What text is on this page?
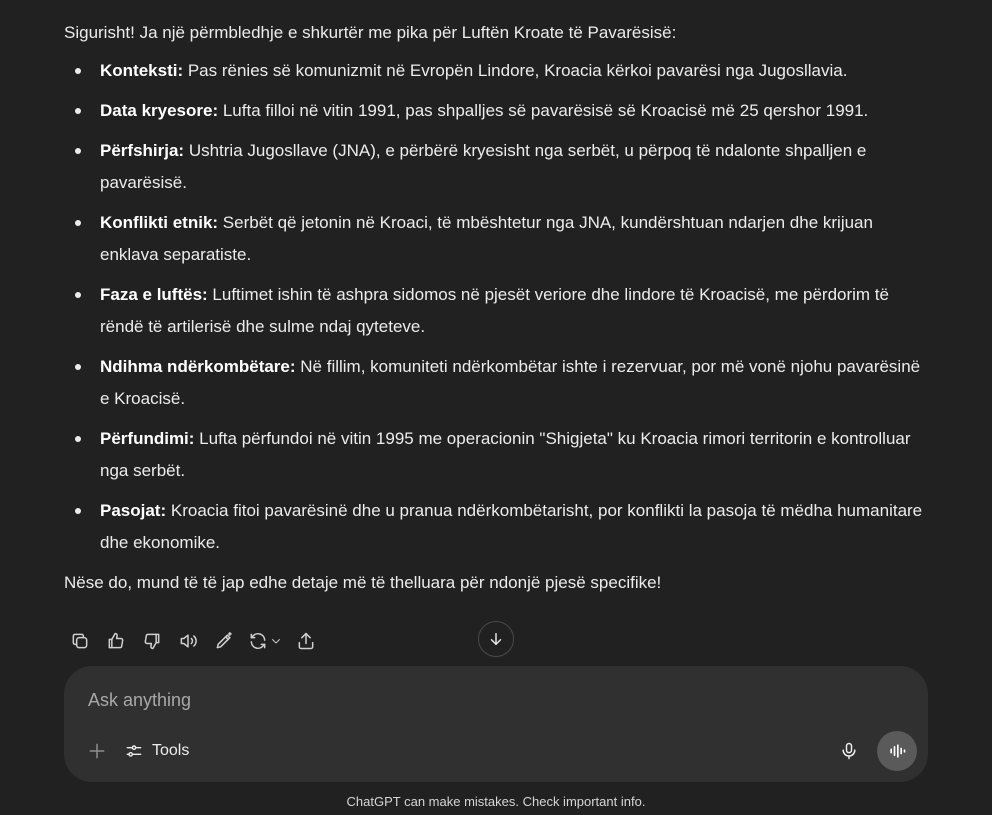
Sigurisht! Ja një përmbledhje e shkurtër me pika për Luftën Kroate të Pavarësisë:

Konteksti: Pas rënies së komunizmit në Evropën Lindore, Kroacia kërkoi pavarësi nga Jugosllavia.
Data kryesore: Lufta filloi në vitin 1991, pas shpalljes së pavarësisë së Kroacisë më 25 qershor 1991.
Përfshirja: Ushtria Jugosllave (JNA), e përbërë kryesisht nga serbët, u përpoq të ndalonte shpalljen e pavarësisë.
Konflikti etnik: Serbët që jetonin në Kroaci, të mbështetur nga JNA, kundërshtuan ndarjen dhe krijuan enklava separatiste.
Faza e luftës: Luftimet ishin të ashpra sidomos në pjesët veriore dhe lindore të Kroacisë, me përdorim të rëndë të artilerisë dhe sulme ndaj qyteteve.
Ndihma ndërkombëtare: Në fillim, komuniteti ndërkombëtar ishte i rezervuar, por më vonë njohu pavarësinë e Kroacisë.
Përfundimi: Lufta përfundoi në vitin 1995 me operacionin "Shigjeta" ku Kroacia rimori territorin e kontrolluar nga serbët.
Pasojat: Kroacia fitoi pavarësinë dhe u pranua ndërkombëtarisht, por konflikti la pasoja të mëdha humanitare dhe ekonomike.

Nëse do, mund të të jap edhe detaje më të thelluara për ndonjë pjesë specifike!

Ask anything
Tools
ChatGPT can make mistakes. Check important info.
